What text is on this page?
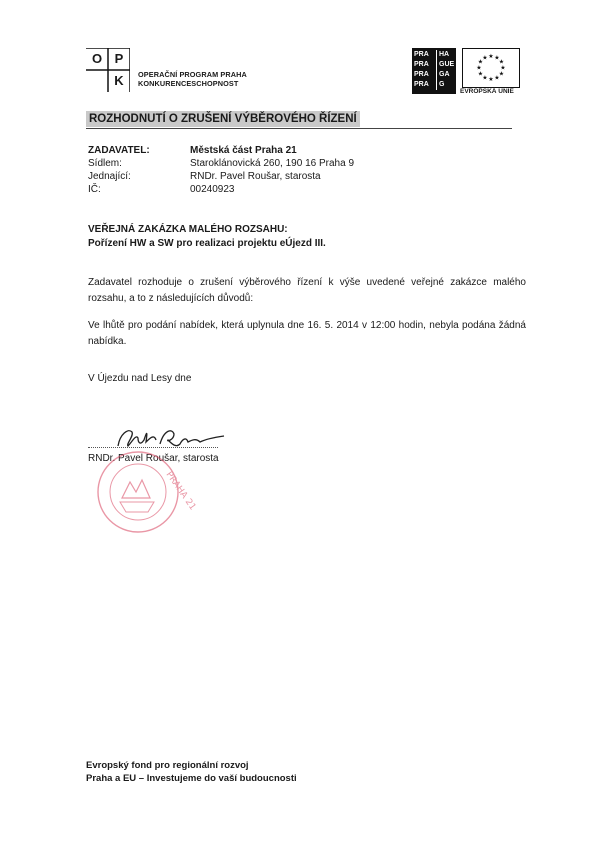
O P
K	OPERAČNÍ PROGRAM PRAHA
KONKURENCESCHOPNOST
PRA
PRA
PRA
PRA
HA
GUE
GA
G
★ ★
★
★
★
★
★
★
★
★
★
★
EVROPSKÁ UNIE
ROZHODNUTÍ O ZRUŠENÍ VÝBĚROVÉHO ŘÍZENÍ
ZADAVATEL:	Městská část Praha 21
Sídlem:	Staroklánovická 260, 190 16 Praha 9
Jednající:	RNDr. Pavel Roušar, starosta
IČ:	00240923
VEŘEJNÁ ZAKÁZKA MALÉHO ROZSAHU:
Pořízení HW a SW pro realizaci projektu eÚjezd III.
Zadavatel rozhoduje o zrušení výběrového řízení k výše uvedené veřejné zakázce malého rozsahu, a to z následujících důvodů:
Ve lhůtě pro podání nabídek, která uplynula dne 16. 5. 2014 v 12:00 hodin, nebyla podána žádná nabídka.
V Újezdu nad Lesy dne
RNDr. Pavel Roušar, starosta
PRAHA 21
Evropský fond pro regionální rozvoj
Praha a EU – Investujeme do vaší budoucnosti
